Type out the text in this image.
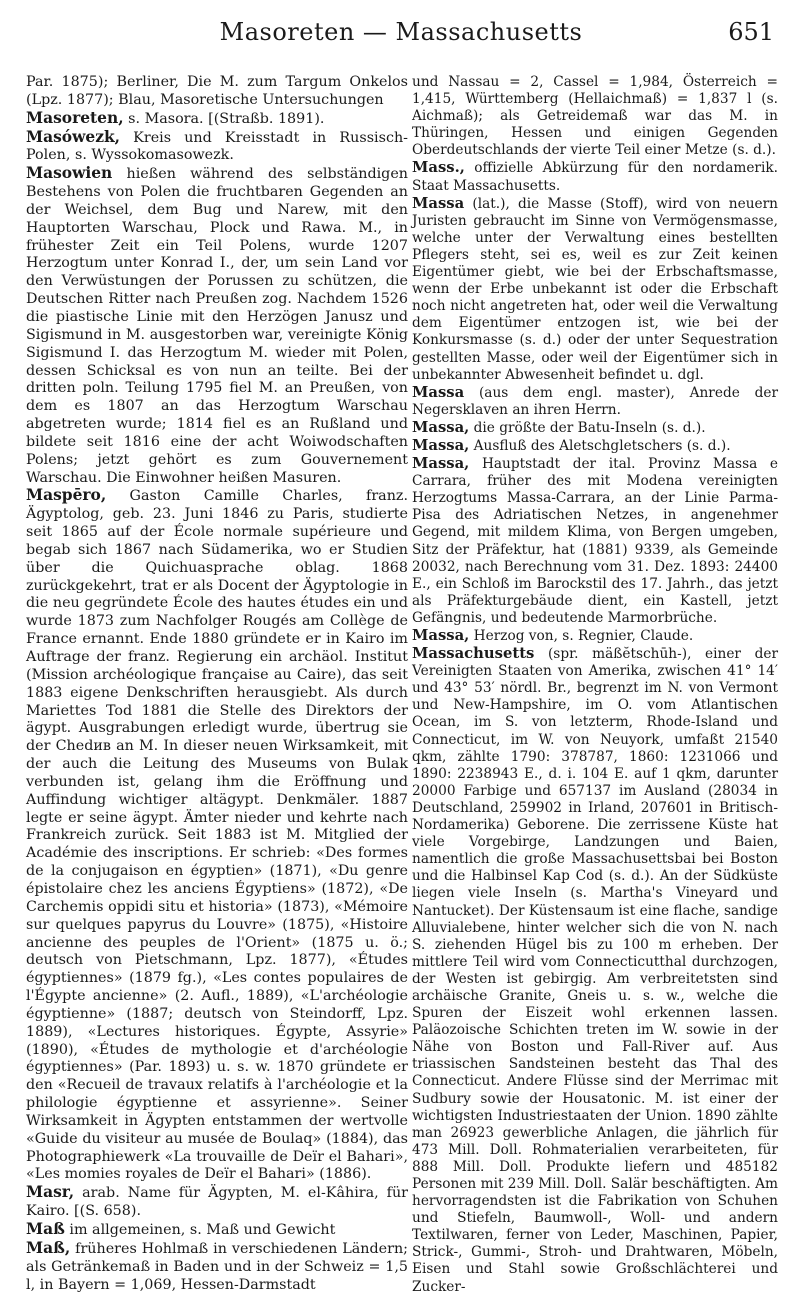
Masoreten — Massachusetts	651

Par. 1875); Berliner, Die M. zum Targum Onkelos (Lpz. 1877); Blau, Masoretische Untersuchungen

Masoreten, s. Masora. [(Straßb. 1891).

Masówezk, Kreis und Kreisstadt in Russisch-Polen, s. Wyssokomasowezk.

Masowien hießen während des selbständigen Bestehens von Polen die fruchtbaren Gegenden an der Weichsel, dem Bug und Narew, mit den Hauptorten Warschau, Plock und Rawa. M., in frühester Zeit ein Teil Polens, wurde 1207 Herzogtum unter Konrad I., der, um sein Land vor den Verwüstungen der Porussen zu schützen, die Deutschen Ritter nach Preußen zog. Nachdem 1526 die piastische Linie mit den Herzögen Janusz und Sigismund in M. ausgestorben war, vereinigte König Sigismund I. das Herzogtum M. wieder mit Polen, dessen Schicksal es von nun an teilte. Bei der dritten poln. Teilung 1795 fiel M. an Preußen, von dem es 1807 an das Herzogtum Warschau abgetreten wurde; 1814 fiel es an Rußland und bildete seit 1816 eine der acht Woiwodschaften Polens; jetzt gehört es zum Gouvernement Warschau. Die Einwohner heißen Masuren.

Maspēro, Gaston Camille Charles, franz. Ägyptolog, geb. 23. Juni 1846 zu Paris, studierte seit 1865 auf der École normale supérieure und begab sich 1867 nach Südamerika, wo er Studien über die Quichuasprache oblag. 1868 zurückgekehrt, trat er als Docent der Ägyptologie in die neu gegründete École des hautes études ein und wurde 1873 zum Nachfolger Rougés am Collège de France ernannt. Ende 1880 gründete er in Kairo im Auftrage der franz. Regierung ein archäol. Institut (Mission archéologique française au Caire), das seit 1883 eigene Denkschriften herausgiebt. Als durch Mariettes Tod 1881 die Stelle des Direktors der ägypt. Ausgrabungen erledigt wurde, übertrug sie der Chedив an M. In dieser neuen Wirksamkeit, mit der auch die Leitung des Museums von Bulak verbunden ist, gelang ihm die Eröffnung und Auffindung wichtiger altägypt. Denkmäler. 1887 legte er seine ägypt. Ämter nieder und kehrte nach Frankreich zurück. Seit 1883 ist M. Mitglied der Académie des inscriptions. Er schrieb: «Des formes de la conjugaison en égyptien» (1871), «Du genre épistolaire chez les anciens Égyptiens» (1872), «De Carchemis oppidi situ et historia» (1873), «Mémoire sur quelques papyrus du Louvre» (1875), «Histoire ancienne des peuples de l'Orient» (1875 u. ö.; deutsch von Pietschmann, Lpz. 1877), «Études égyptiennes» (1879 fg.), «Les contes populaires de l'Égypte ancienne» (2. Aufl., 1889), «L'archéologie égyptienne» (1887; deutsch von Steindorff, Lpz. 1889), «Lectures historiques. Égypte, Assyrie» (1890), «Études de mythologie et d'archéologie égyptiennes» (Par. 1893) u. s. w. 1870 gründete er den «Recueil de travaux relatifs à l'archéologie et la philologie égyptienne et assyrienne». Seiner Wirksamkeit in Ägypten entstammen der wertvolle «Guide du visiteur au musée de Boulaq» (1884), das Photographiewerk «La trouvaille de Deïr el Bahari», «Les momies royales de Deïr el Bahari» (1886).

Masr, arab. Name für Ägypten, M. el-Kâhira, für Kairo. [(S. 658).

Maß im allgemeinen, s. Maß und Gewicht

Maß, früheres Hohlmaß in verschiedenen Ländern; als Getränkemaß in Baden und in der Schweiz = 1,5 l, in Bayern = 1,069, Hessen-Darmstadt

und Nassau = 2, Cassel = 1,984, Österreich = 1,415, Württemberg (Hellaichmaß) = 1,837 l (s. Aichmaß); als Getreidemaß war das M. in Thüringen, Hessen und einigen Gegenden Oberdeutschlands der vierte Teil einer Metze (s. d.).

Mass., offizielle Abkürzung für den nordamerik. Staat Massachusetts.

Massa (lat.), die Masse (Stoff), wird von neuern Juristen gebraucht im Sinne von Vermögensmasse, welche unter der Verwaltung eines bestellten Pflegers steht, sei es, weil es zur Zeit keinen Eigentümer giebt, wie bei der Erbschaftsmasse, wenn der Erbe unbekannt ist oder die Erbschaft noch nicht angetreten hat, oder weil die Verwaltung dem Eigentümer entzogen ist, wie bei der Konkursmasse (s. d.) oder der unter Sequestration gestellten Masse, oder weil der Eigentümer sich in unbekannter Abwesenheit befindet u. dgl.

Massa (aus dem engl. master), Anrede der Negersklaven an ihren Herrn.

Massa, die größte der Batu-Inseln (s. d.).

Massa, Ausfluß des Aletschgletschers (s. d.).

Massa, Hauptstadt der ital. Provinz Massa e Carrara, früher des mit Modena vereinigten Herzogtums Massa-Carrara, an der Linie Parma-Pisa des Adriatischen Netzes, in angenehmer Gegend, mit mildem Klima, von Bergen umgeben, Sitz der Präfektur, hat (1881) 9339, als Gemeinde 20032, nach Berechnung vom 31. Dez. 1893: 24400 E., ein Schloß im Barockstil des 17. Jahrh., das jetzt als Präfekturgebäude dient, ein Kastell, jetzt Gefängnis, und bedeutende Marmorbrüche.

Massa, Herzog von, s. Regnier, Claude.

Massachusetts (spr. mäßĕtschūh-), einer der Vereinigten Staaten von Amerika, zwischen 41° 14′ und 43° 53′ nördl. Br., begrenzt im N. von Vermont und New-Hampshire, im O. vom Atlantischen Ocean, im S. von letzterm, Rhode-Island und Connecticut, im W. von Neuyork, umfaßt 21540 qkm, zählte 1790: 378787, 1860: 1231066 und 1890: 2238943 E., d. i. 104 E. auf 1 qkm, darunter 20000 Farbige und 657137 im Ausland (28034 in Deutschland, 259902 in Irland, 207601 in Britisch-Nordamerika) Geborene. Die zerrissene Küste hat viele Vorgebirge, Landzungen und Baien, namentlich die große Massachusettsbai bei Boston und die Halbinsel Kap Cod (s. d.). An der Südküste liegen viele Inseln (s. Martha's Vineyard und Nantucket). Der Küstensaum ist eine flache, sandige Alluvialebene, hinter welcher sich die von N. nach S. ziehenden Hügel bis zu 100 m erheben. Der mittlere Teil wird vom Connecticutthal durchzogen, der Westen ist gebirgig. Am verbreitetsten sind archäische Granite, Gneis u. s. w., welche die Spuren der Eiszeit wohl erkennen lassen. Paläozoische Schichten treten im W. sowie in der Nähe von Boston und Fall-River auf. Aus triassischen Sandsteinen besteht das Thal des Connecticut. Andere Flüsse sind der Merrimac mit Sudbury sowie der Housatonic. M. ist einer der wichtigsten Industriestaaten der Union. 1890 zählte man 26923 gewerbliche Anlagen, die jährlich für 473 Mill. Doll. Rohmaterialien verarbeiteten, für 888 Mill. Doll. Produkte liefern und 485182 Personen mit 239 Mill. Doll. Salär beschäftigten. Am hervorragendsten ist die Fabrikation von Schuhen und Stiefeln, Baumwoll-, Woll- und andern Textilwaren, ferner von Leder, Maschinen, Papier, Strick-, Gummi-, Stroh- und Drahtwaren, Möbeln, Eisen und Stahl sowie Großschlächterei und Zucker-
